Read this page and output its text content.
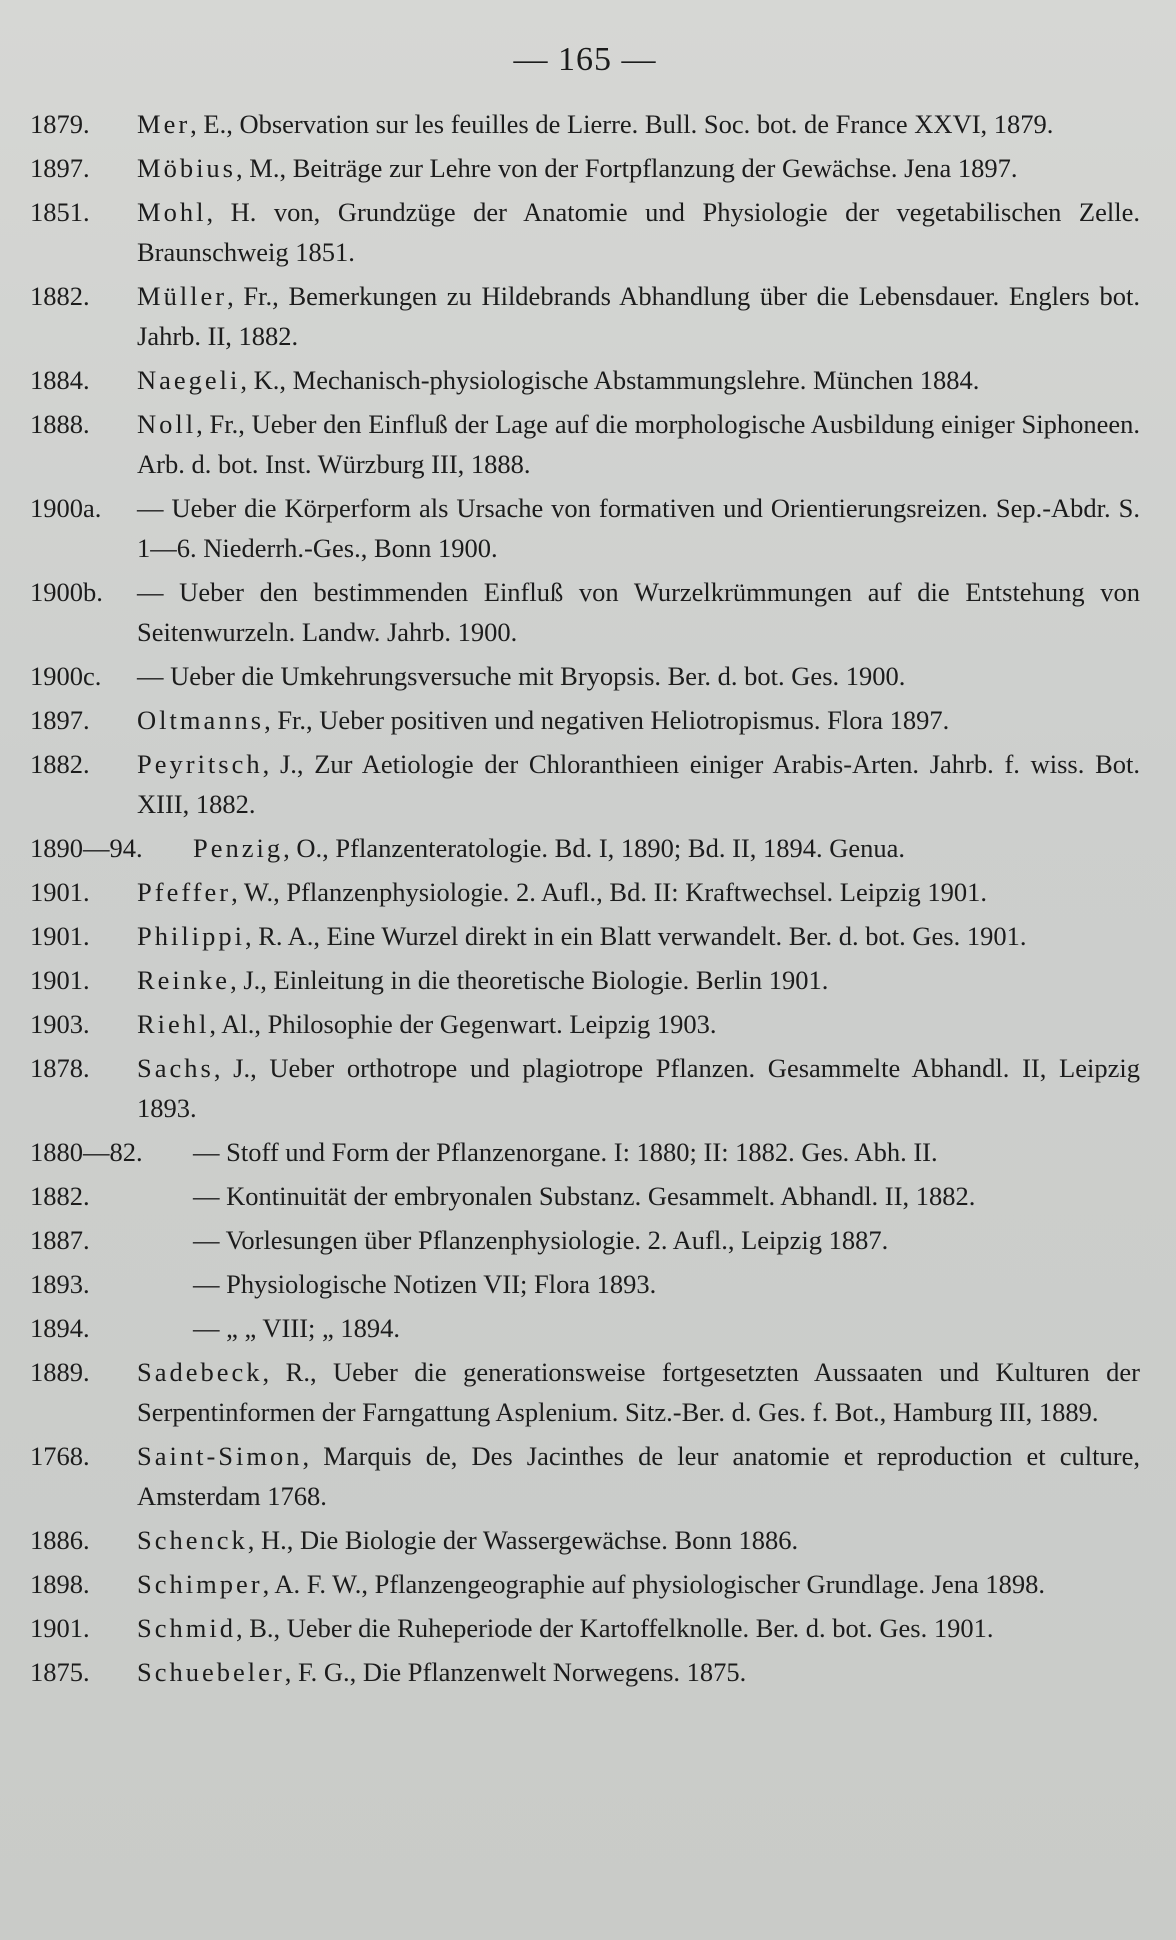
— 165 —
1879.	Mer, E., Observation sur les feuilles de Lierre. Bull. Soc. bot. de France XXVI, 1879.
1897.	Möbius, M., Beiträge zur Lehre von der Fortpflanzung der Gewächse. Jena 1897.
1851.	Mohl, H. von, Grundzüge der Anatomie und Physiologie der vegetabilischen Zelle. Braunschweig 1851.
1882.	Müller, Fr., Bemerkungen zu Hildebrands Abhandlung über die Lebensdauer. Englers bot. Jahrb. II, 1882.
1884.	Naegeli, K., Mechanisch-physiologische Abstammungslehre. München 1884.
1888.	Noll, Fr., Ueber den Einfluß der Lage auf die morphologische Ausbildung einiger Siphoneen. Arb. d. bot. Inst. Würzburg III, 1888.
1900a.	— Ueber die Körperform als Ursache von formativen und Orientierungsreizen. Sep.-Abdr. S. 1—6. Niederrh.-Ges., Bonn 1900.
1900b.	— Ueber den bestimmenden Einfluß von Wurzelkrümmungen auf die Entstehung von Seitenwurzeln. Landw. Jahrb. 1900.
1900c.	— Ueber die Umkehrungsversuche mit Bryopsis. Ber. d. bot. Ges. 1900.
1897.	Oltmanns, Fr., Ueber positiven und negativen Heliotropismus. Flora 1897.
1882.	Peyritsch, J., Zur Aetiologie der Chloranthieen einiger Arabis-Arten. Jahrb. f. wiss. Bot. XIII, 1882.
1890—94.	Penzig, O., Pflanzenteratologie. Bd. I, 1890; Bd. II, 1894. Genua.
1901.	Pfeffer, W., Pflanzenphysiologie. 2. Aufl., Bd. II: Kraftwechsel. Leipzig 1901.
1901.	Philippi, R. A., Eine Wurzel direkt in ein Blatt verwandelt. Ber. d. bot. Ges. 1901.
1901.	Reinke, J., Einleitung in die theoretische Biologie. Berlin 1901.
1903.	Riehl, Al., Philosophie der Gegenwart. Leipzig 1903.
1878.	Sachs, J., Ueber orthotrope und plagiotrope Pflanzen. Gesammelte Abhandl. II, Leipzig 1893.
1880—82.	— Stoff und Form der Pflanzenorgane. I: 1880; II: 1882. Ges. Abh. II.
1882.	— Kontinuität der embryonalen Substanz. Gesammelt. Abhandl. II, 1882.
1887.	— Vorlesungen über Pflanzenphysiologie. 2. Aufl., Leipzig 1887.
1893.	— Physiologische Notizen VII; Flora 1893.
1894.	— „ „ VIII; „ 1894.
1889.	Sadebeck, R., Ueber die generationsweise fortgesetzten Aussaaten und Kulturen der Serpentinformen der Farngattung Asplenium. Sitz.-Ber. d. Ges. f. Bot., Hamburg III, 1889.
1768.	Saint-Simon, Marquis de, Des Jacinthes de leur anatomie et reproduction et culture, Amsterdam 1768.
1886.	Schenck, H., Die Biologie der Wassergewächse. Bonn 1886.
1898.	Schimper, A. F. W., Pflanzengeographie auf physiologischer Grundlage. Jena 1898.
1901.	Schmid, B., Ueber die Ruheperiode der Kartoffelknolle. Ber. d. bot. Ges. 1901.
1875.	Schuebeler, F. G., Die Pflanzenwelt Norwegens. 1875.
